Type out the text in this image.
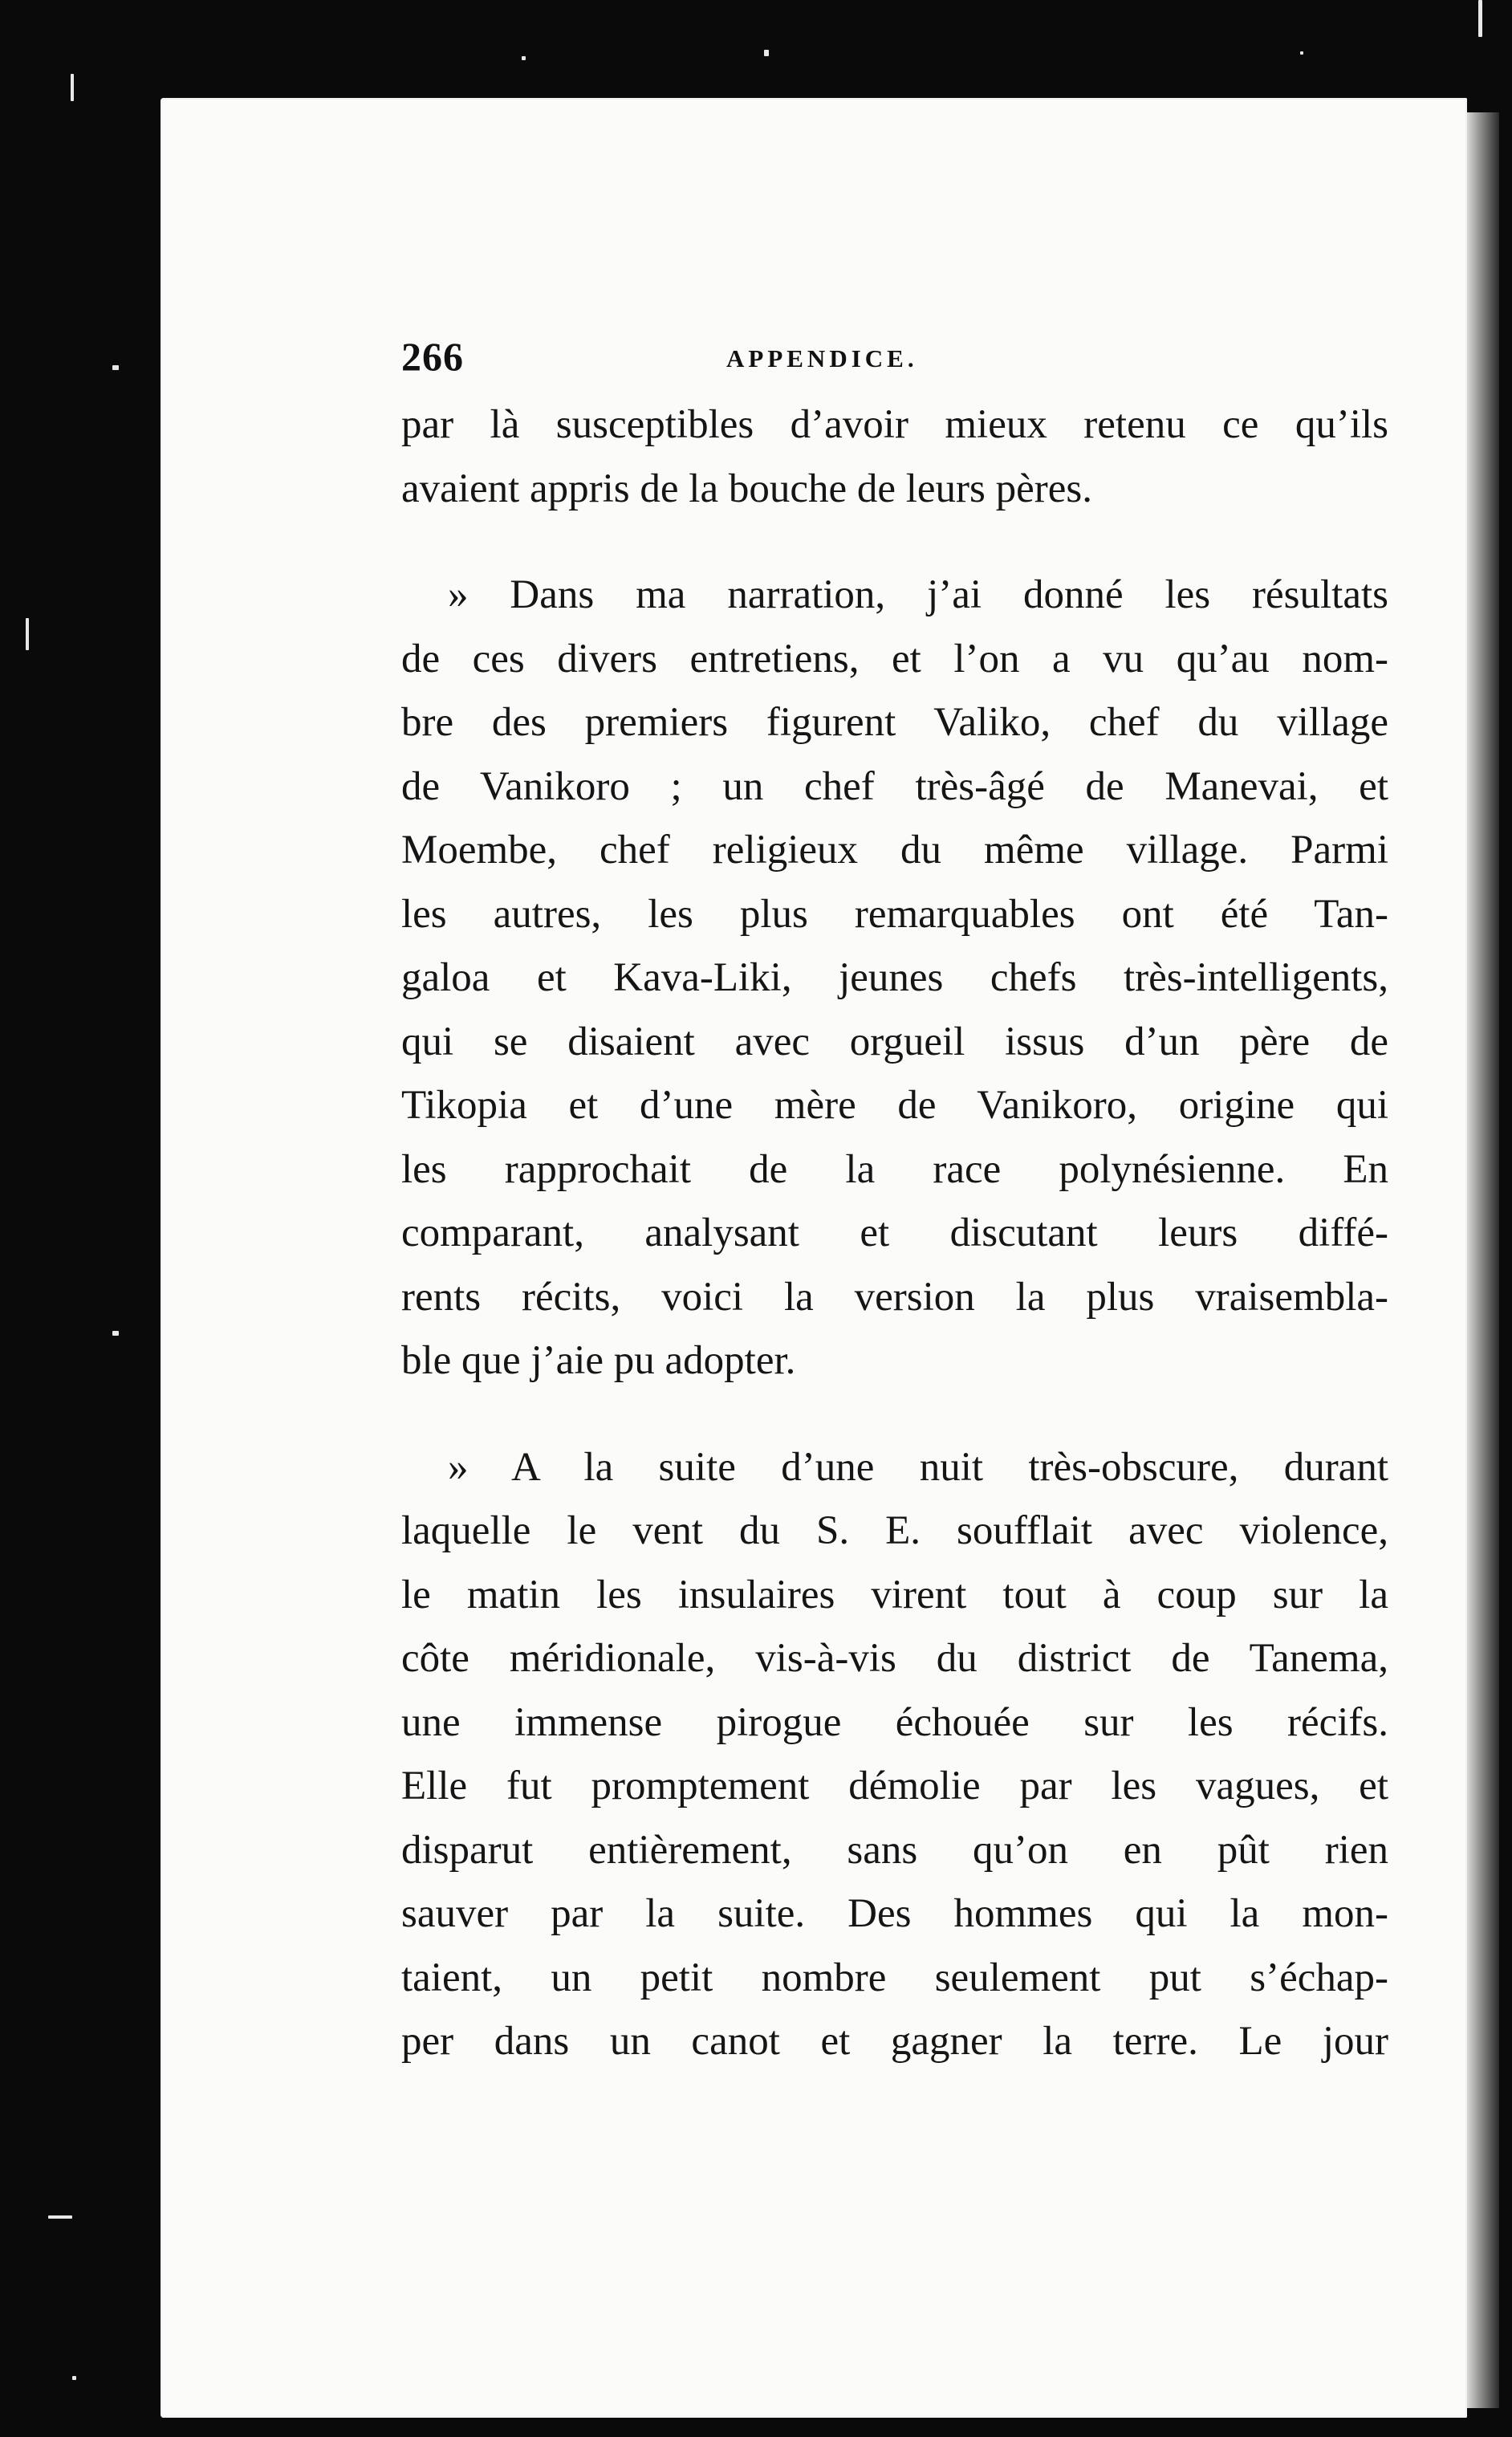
266	APPENDICE.
par là susceptibles d’avoir mieux retenu ce qu’ils
avaient appris de la bouche de leurs pères.
» Dans ma narration, j’ai donné les résultats
de ces divers entretiens, et l’on a vu qu’au nom-
bre des premiers figurent Valiko, chef du village
de Vanikoro ; un chef très-âgé de Manevai, et
Moembe, chef religieux du même village. Parmi
les autres, les plus remarquables ont été Tan-
galoa et Kava-Liki, jeunes chefs très-intelligents,
qui se disaient avec orgueil issus d’un père de
Tikopia et d’une mère de Vanikoro, origine qui
les rapprochait de la race polynésienne. En
comparant, analysant et discutant leurs diffé-
rents récits, voici la version la plus vraisembla-
ble que j’aie pu adopter.
» A la suite d’une nuit très-obscure, durant
laquelle le vent du S. E. soufflait avec violence,
le matin les insulaires virent tout à coup sur la
côte méridionale, vis-à-vis du district de Tanema,
une immense pirogue échouée sur les récifs.
Elle fut promptement démolie par les vagues, et
disparut entièrement, sans qu’on en pût rien
sauver par la suite. Des hommes qui la mon-
taient, un petit nombre seulement put s’échap-
per dans un canot et gagner la terre. Le jour
